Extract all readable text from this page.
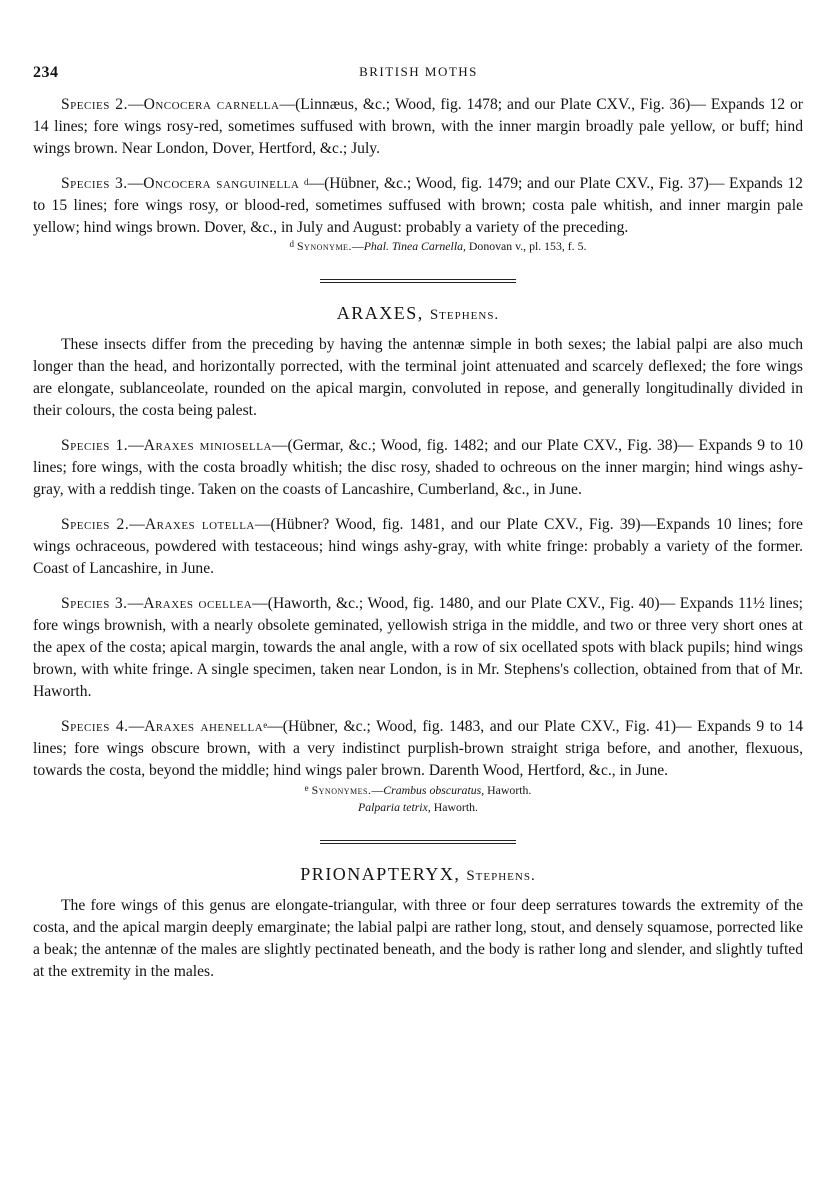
234	BRITISH MOTHS

Species 2.—Oncocera carnella—(Linnæus, &c.; Wood, fig. 1478; and our Plate CXV., Fig. 36)— Expands 12 or 14 lines; fore wings rosy-red, sometimes suffused with brown, with the inner margin broadly pale yellow, or buff; hind wings brown. Near London, Dover, Hertford, &c.; July.

Species 3.—Oncocera sanguinella $^d$—(Hübner, &c.; Wood, fig. 1479; and our Plate CXV., Fig. 37)— Expands 12 to 15 lines; fore wings rosy, or blood-red, sometimes suffused with brown; costa pale whitish, and inner margin pale yellow; hind wings brown. Dover, &c., in July and August: probably a variety of the preceding.

$^d$ Synonyme.—Phal. Tinea Carnella, Donovan v., pl. 153, f. 5.

ARAXES, Stephens.

These insects differ from the preceding by having the antennæ simple in both sexes; the labial palpi are also much longer than the head, and horizontally porrected, with the terminal joint attenuated and scarcely deflexed; the fore wings are elongate, sublanceolate, rounded on the apical margin, convoluted in repose, and generally longitudinally divided in their colours, the costa being palest.

Species 1.—Araxes miniosella—(Germar, &c.; Wood, fig. 1482; and our Plate CXV., Fig. 38)— Expands 9 to 10 lines; fore wings, with the costa broadly whitish; the disc rosy, shaded to ochreous on the inner margin; hind wings ashy-gray, with a reddish tinge. Taken on the coasts of Lancashire, Cumberland, &c., in June.

Species 2.—Araxes lotella—(Hübner? Wood, fig. 1481, and our Plate CXV., Fig. 39)—Expands 10 lines; fore wings ochraceous, powdered with testaceous; hind wings ashy-gray, with white fringe: probably a variety of the former. Coast of Lancashire, in June.

Species 3.—Araxes ocellea—(Haworth, &c.; Wood, fig. 1480, and our Plate CXV., Fig. 40)— Expands 11½ lines; fore wings brownish, with a nearly obsolete geminated, yellowish striga in the middle, and two or three very short ones at the apex of the costa; apical margin, towards the anal angle, with a row of six ocellated spots with black pupils; hind wings brown, with white fringe. A single specimen, taken near London, is in Mr. Stephens's collection, obtained from that of Mr. Haworth.

Species 4.—Araxes ahenella$^e$—(Hübner, &c.; Wood, fig. 1483, and our Plate CXV., Fig. 41)— Expands 9 to 14 lines; fore wings obscure brown, with a very indistinct purplish-brown straight striga before, and another, flexuous, towards the costa, beyond the middle; hind wings paler brown. Darenth Wood, Hertford, &c., in June.

$^e$ Synonymes.—Crambus obscuratus, Haworth.
Palparia tetrix, Haworth.

PRIONAPTERYX, Stephens.

The fore wings of this genus are elongate-triangular, with three or four deep serratures towards the extremity of the costa, and the apical margin deeply emarginate; the labial palpi are rather long, stout, and densely squamose, porrected like a beak; the antennæ of the males are slightly pectinated beneath, and the body is rather long and slender, and slightly tufted at the extremity in the males.
